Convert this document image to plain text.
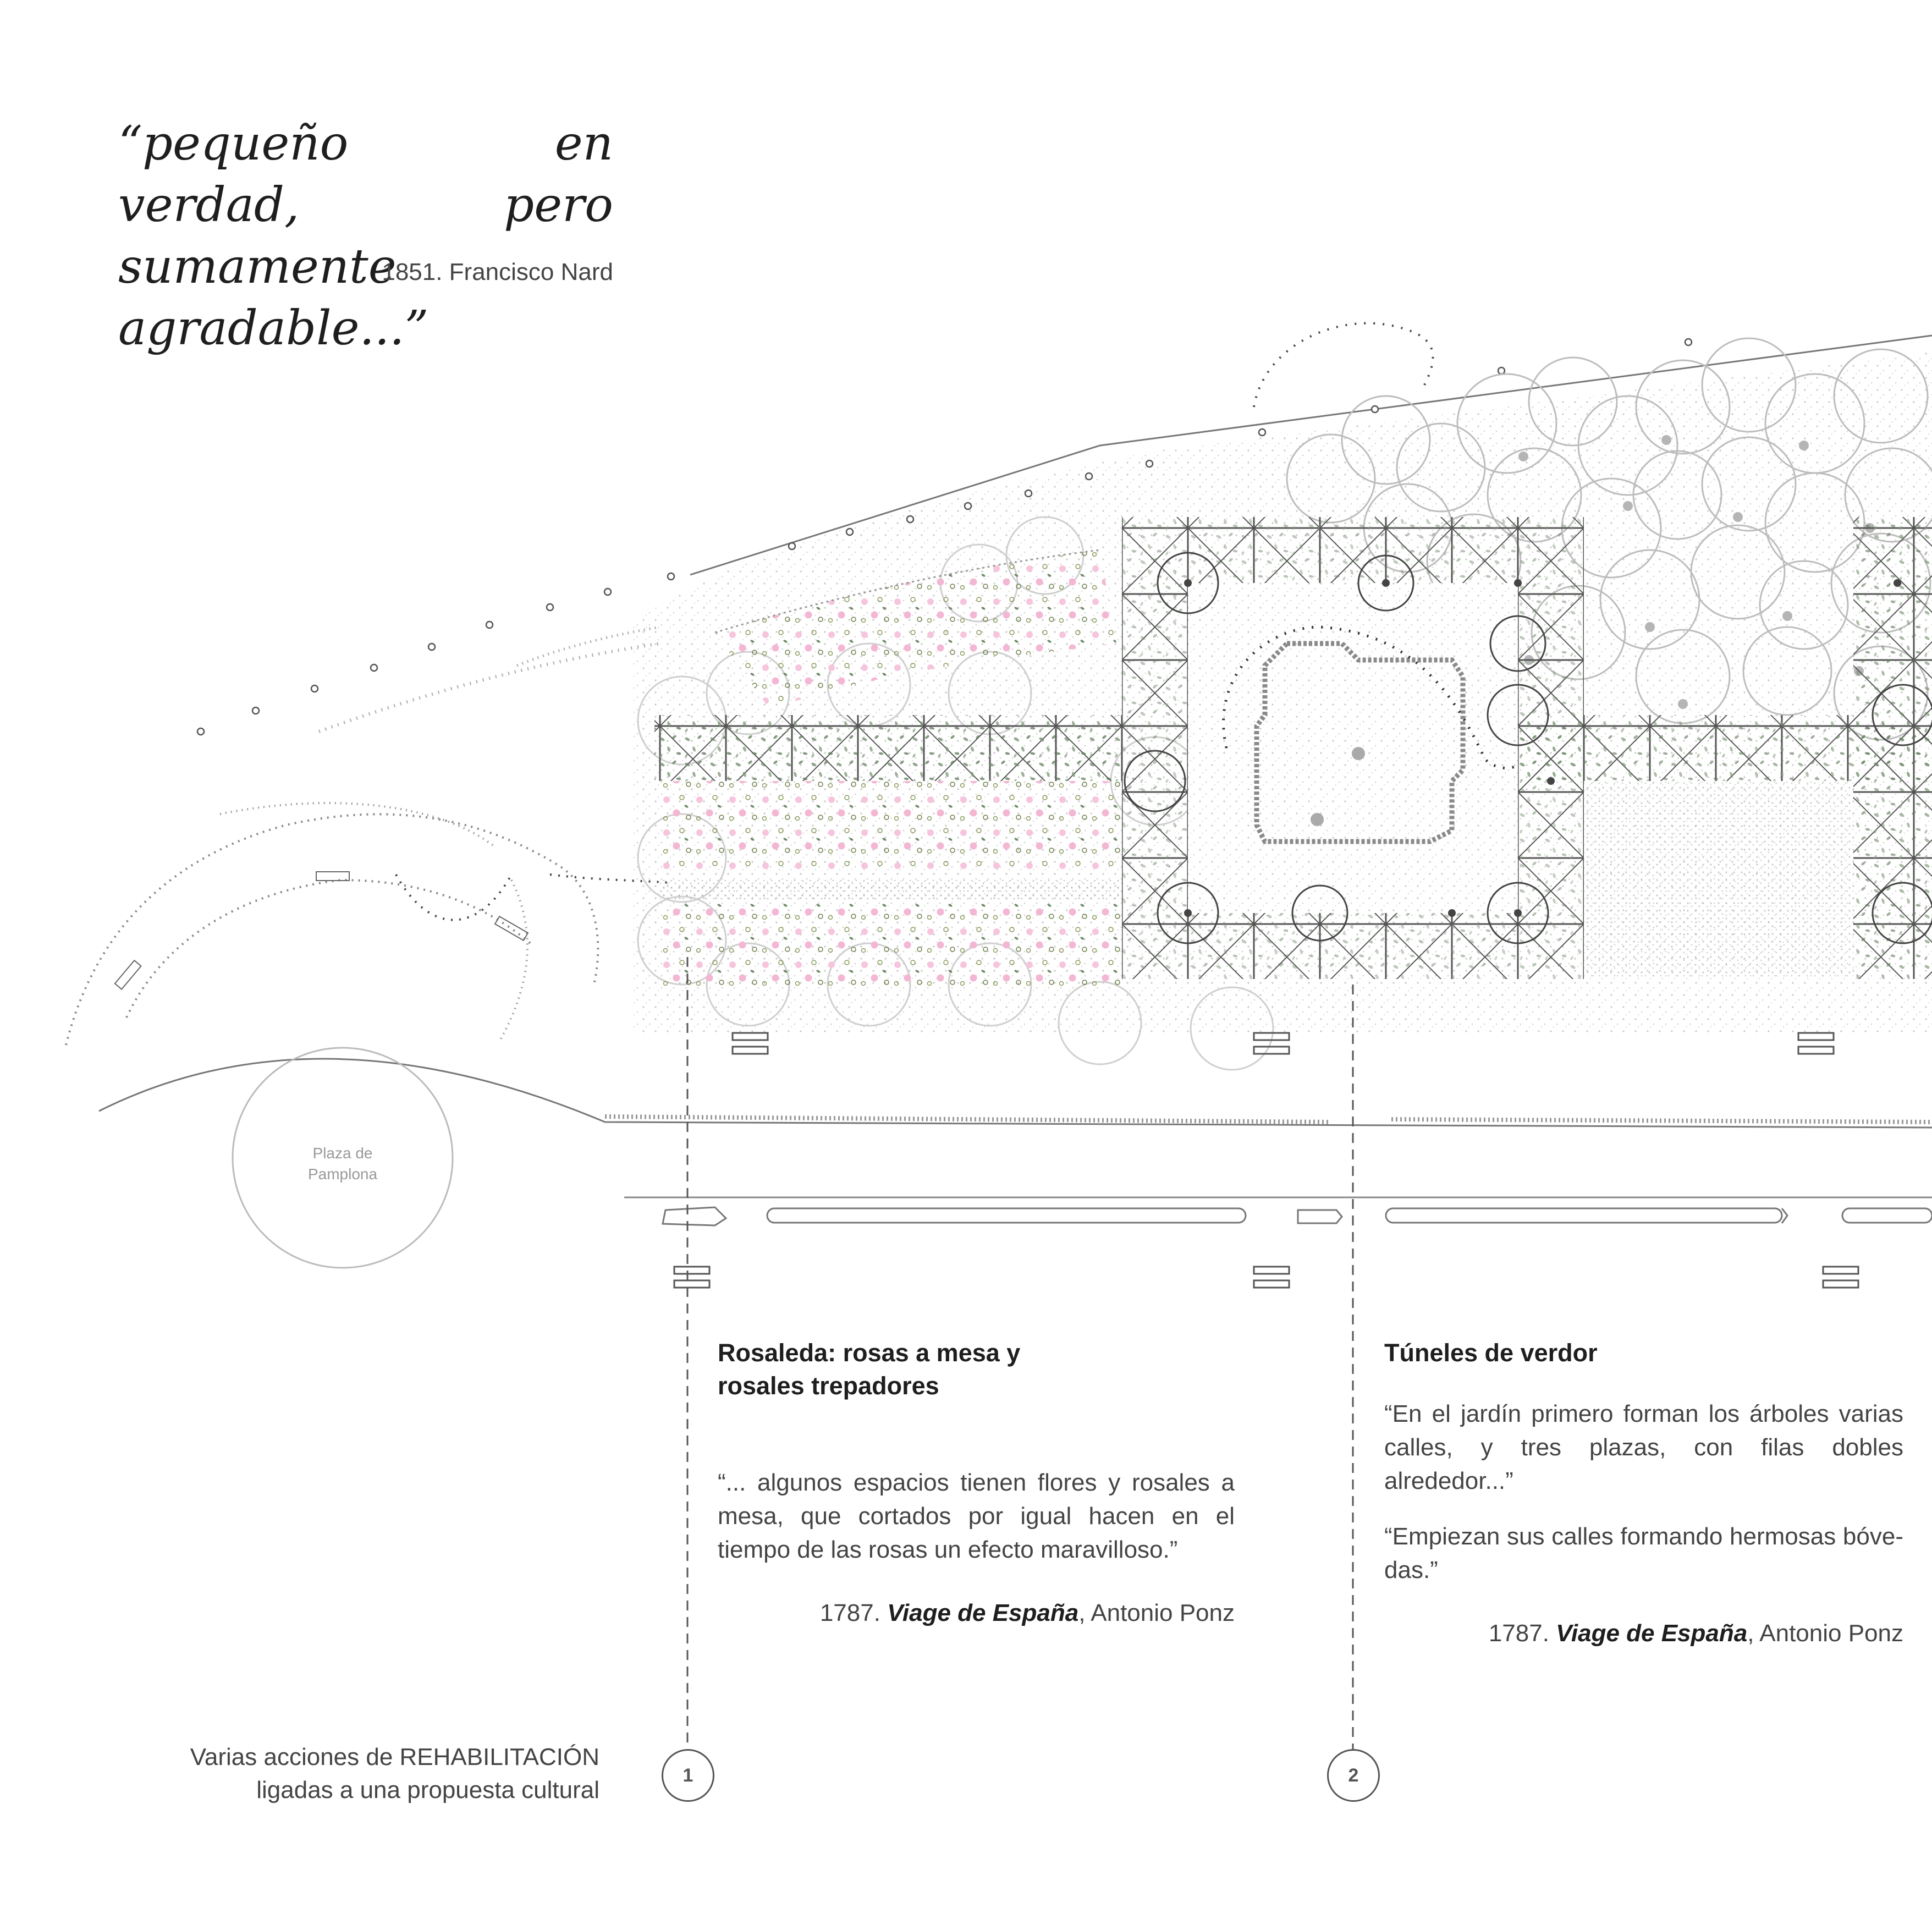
“pequeño en verdad, pero sumamente agradable...”
1851. Francisco Nard
Plaza de
Pamplona
Rosaleda: rosas a mesa y rosales trepadores
“... algunos espacios tienen flores y rosales a mesa, que cortados por igual hacen en el tiempo de las rosas un efecto maravilloso.”
1787. Viage de España, Antonio Ponz
Túneles de verdor
“En el jardín primero forman los árboles varias calles, y tres plazas, con filas dobles alrededor...”
“Empiezan sus calles formando hermosas bóve- das.”
1787. Viage de España, Antonio Ponz
Varias acciones de REHABILITACIÓN
ligadas a una propuesta cultural
1	2
